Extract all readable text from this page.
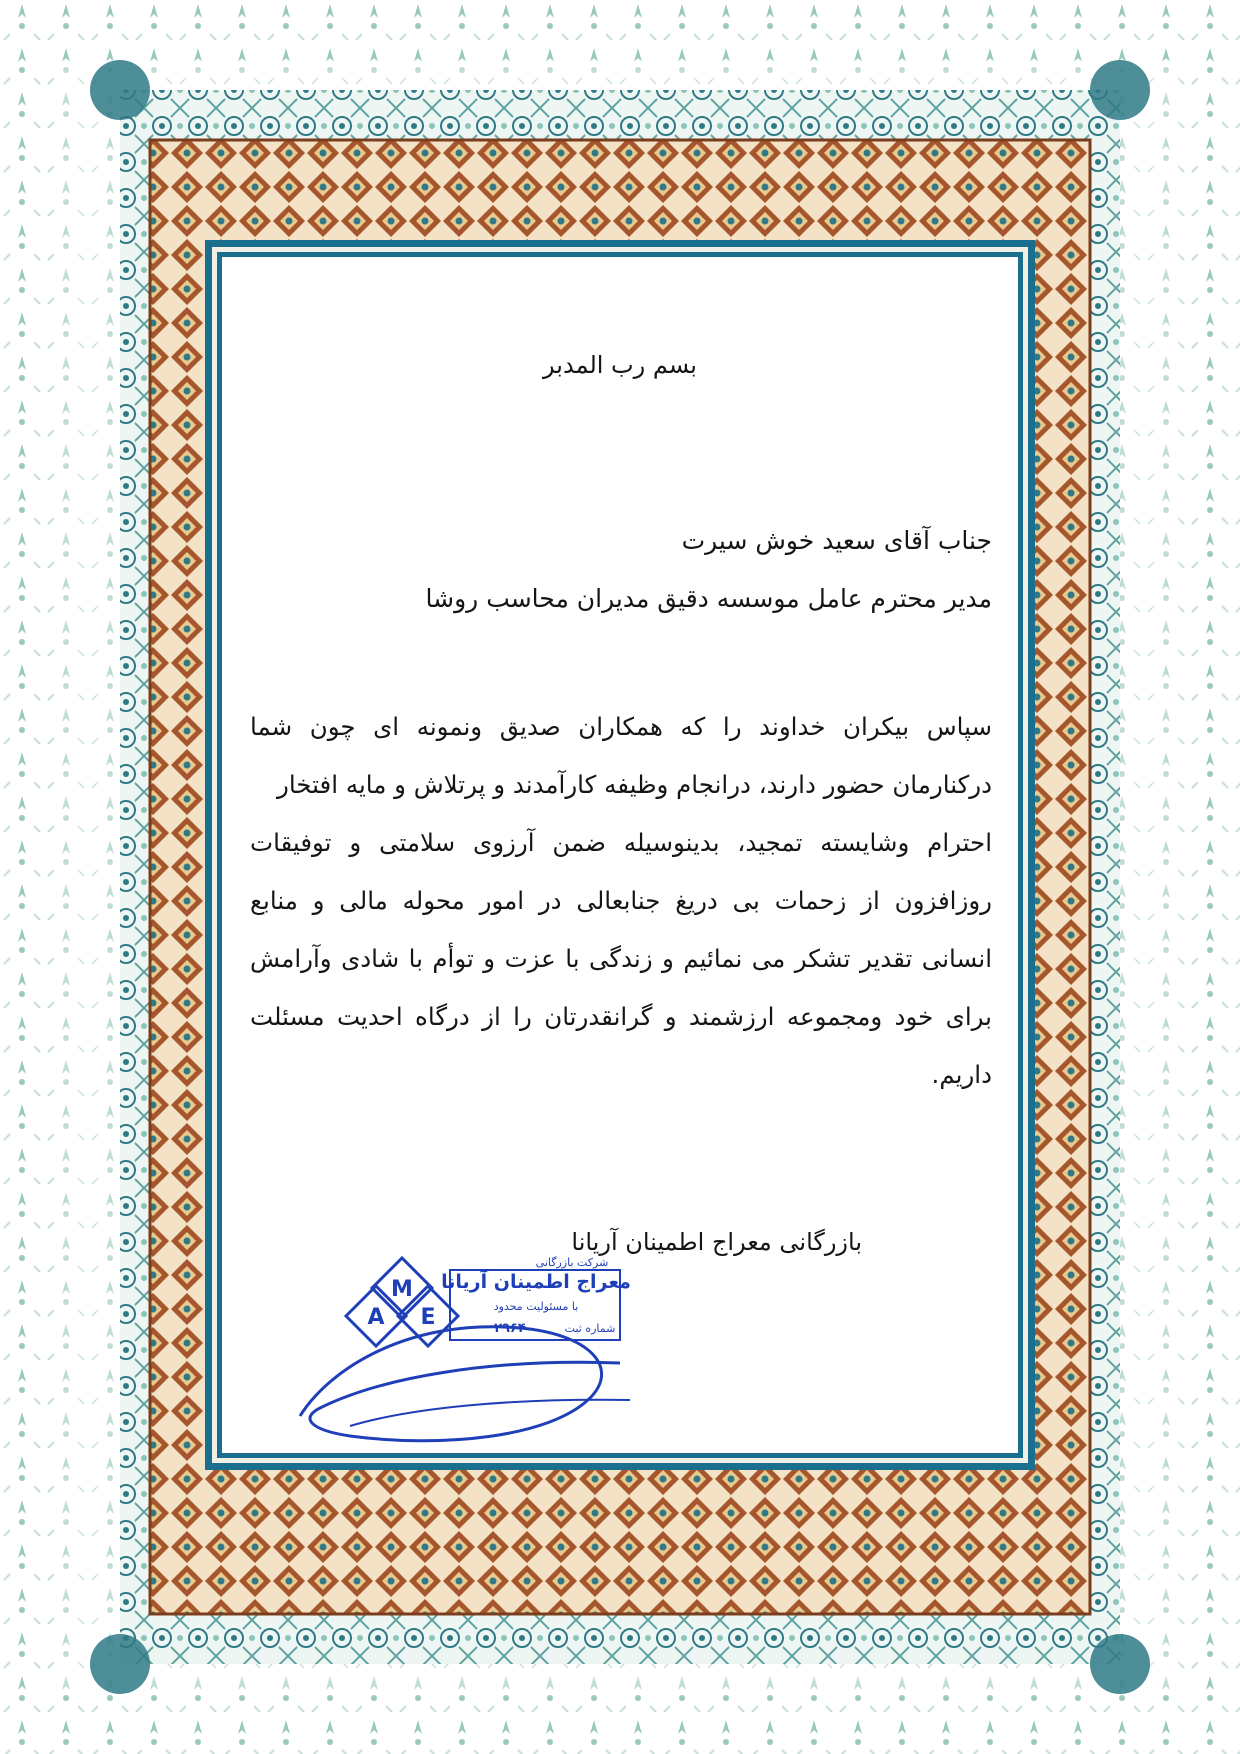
بسم رب المدبر
جناب آقای سعید خوش سیرت
مدیر محترم عامل موسسه دقیق مدیران محاسب روشا

سپاس بیکران خداوند را که همکاران صدیق ونمونه ای چون شما درکنارمان حضور دارند، درانجام وظیفه کارآمدند و پرتلاش و مایه افتخار

احترام وشایسته تمجید، بدینوسیله ضمن آرزوی سلامتی و توفیقات روزافزون از زحمات بی دریغ جنابعالی در امور محوله مالی و منابع انسانی تقدیر تشکر می نمائیم و زندگی با عزت و توأم با شادی وآرامش برای خود ومجموعه ارزشمند و گرانقدرتان را از درگاه احدیت مسئلت داریم.

بازرگانی معراج اطمینان آریانا
M
A E
شرکت بازرگانی
معراج اطمینان آریانا
با مسئولیت محدود
شماره ثبت
۲۹۶۴
